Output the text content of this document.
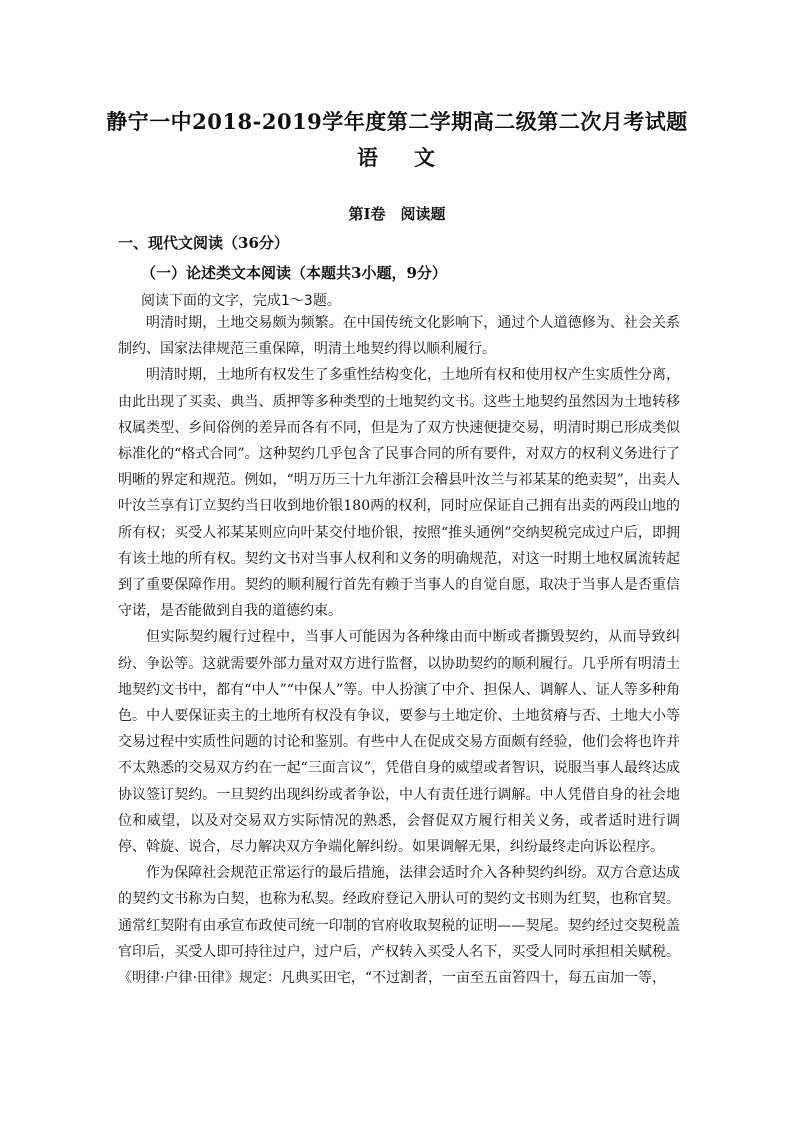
静宁一中2018-2019学年度第二学期高二级第二次月考试题
语 文
第Ⅰ卷　阅读题
一、现代文阅读（36分）
（一）论述类文本阅读（本题共3小题，9分）
阅读下面的文字，完成1～3题。

明清时期，土地交易颇为频繁。在中国传统文化影响下，通过个人道德修为、社会关系制约、国家法律规范三重保障，明清土地契约得以顺利履行。

明清时期，土地所有权发生了多重性结构变化，土地所有权和使用权产生实质性分离，由此出现了买卖、典当、质押等多种类型的土地契约文书。这些土地契约虽然因为土地转移权属类型、乡间俗例的差异而各有不同，但是为了双方快速便捷交易，明清时期已形成类似标准化的“格式合同”。这种契约几乎包含了民事合同的所有要件，对双方的权利义务进行了明晰的界定和规范。例如，“明万历三十九年浙江会稽县叶汝兰与祁某某的绝卖契”，出卖人叶汝兰享有订立契约当日收到地价银180两的权利，同时应保证自己拥有出卖的两段山地的所有权；买受人祁某某则应向叶某交付地价银，按照“推头通例”交纳契税完成过户后，即拥有该土地的所有权。契约文书对当事人权利和义务的明确规范，对这一时期土地权属流转起到了重要保障作用。契约的顺利履行首先有赖于当事人的自觉自愿，取决于当事人是否重信守诺，是否能做到自我的道德约束。

但实际契约履行过程中，当事人可能因为各种缘由而中断或者撕毁契约，从而导致纠纷、争讼等。这就需要外部力量对双方进行监督，以协助契约的顺利履行。几乎所有明清土地契约文书中，都有“中人”“中保人”等。中人扮演了中介、担保人、调解人、证人等多种角色。中人要保证卖主的土地所有权没有争议，要参与土地定价、土地贫瘠与否、土地大小等交易过程中实质性问题的讨论和鉴别。有些中人在促成交易方面颇有经验，他们会将也许并不太熟悉的交易双方约在一起“三面言议”，凭借自身的威望或者智识，说服当事人最终达成协议签订契约。一旦契约出现纠纷或者争讼，中人有责任进行调解。中人凭借自身的社会地位和威望，以及对交易双方实际情况的熟悉，会督促双方履行相关义务，或者适时进行调停、斡旋、说合，尽力解决双方争端化解纠纷。如果调解无果，纠纷最终走向诉讼程序。

作为保障社会规范正常运行的最后措施，法律会适时介入各种契约纠纷。双方合意达成的契约文书称为白契，也称为私契。经政府登记入册认可的契约文书则为红契，也称官契。通常红契附有由承宣布政使司统一印制的官府收取契税的证明——契尾。契约经过交契税盖官印后，买受人即可持往过户，过户后，产权转入买受人名下，买受人同时承担相关赋税。《明律·户律·田律》规定：凡典买田宅，“不过割者，一亩至五亩笞四十，每五亩加一等，
